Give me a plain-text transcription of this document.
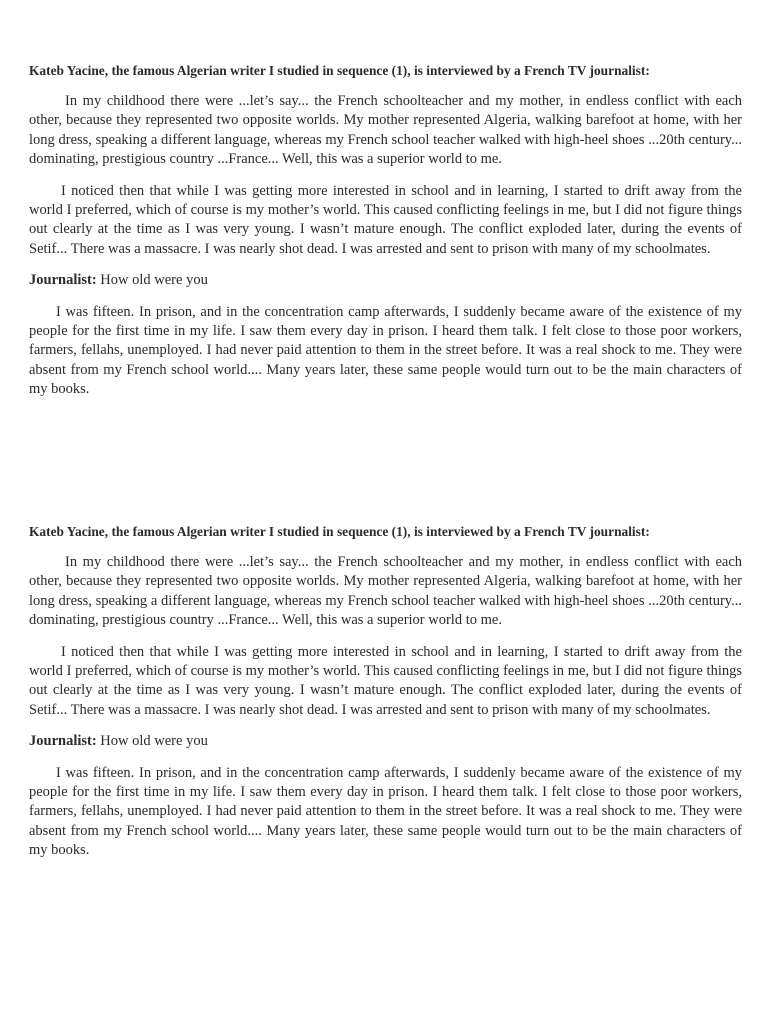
Kateb Yacine, the famous Algerian writer I studied in sequence (1), is interviewed by a French TV journalist:

In my childhood there were ...let’s say... the French schoolteacher and my mother, in endless conflict with each other, because they represented two opposite worlds. My mother represented Algeria, walking barefoot at home, with her long dress, speaking a different language, whereas my French school teacher walked with high-heel shoes ...20th century... dominating, prestigious country ...France... Well, this was a superior world to me.

I noticed then that while I was getting more interested in school and in learning, I started to drift away from the world I preferred, which of course is my mother’s world. This caused conflicting feelings in me, but I did not figure things out clearly at the time as I was very young. I wasn’t mature enough. The conflict exploded later, during the events of Setif... There was a massacre. I was nearly shot dead. I was arrested and sent to prison with many of my schoolmates.

Journalist: How old were you

I was fifteen. In prison, and in the concentration camp afterwards, I suddenly became aware of the existence of my people for the first time in my life. I saw them every day in prison. I heard them talk. I felt close to those poor workers, farmers, fellahs, unemployed. I had never paid attention to them in the street before. It was a real shock to me. They were absent from my French school world.... Many years later, these same people would turn out to be the main characters of my books.

Kateb Yacine, the famous Algerian writer I studied in sequence (1), is interviewed by a French TV journalist:

In my childhood there were ...let’s say... the French schoolteacher and my mother, in endless conflict with each other, because they represented two opposite worlds. My mother represented Algeria, walking barefoot at home, with her long dress, speaking a different language, whereas my French school teacher walked with high-heel shoes ...20th century... dominating, prestigious country ...France... Well, this was a superior world to me.

I noticed then that while I was getting more interested in school and in learning, I started to drift away from the world I preferred, which of course is my mother’s world. This caused conflicting feelings in me, but I did not figure things out clearly at the time as I was very young. I wasn’t mature enough. The conflict exploded later, during the events of Setif... There was a massacre. I was nearly shot dead. I was arrested and sent to prison with many of my schoolmates.

Journalist: How old were you

I was fifteen. In prison, and in the concentration camp afterwards, I suddenly became aware of the existence of my people for the first time in my life. I saw them every day in prison. I heard them talk. I felt close to those poor workers, farmers, fellahs, unemployed. I had never paid attention to them in the street before. It was a real shock to me. They were absent from my French school world.... Many years later, these same people would turn out to be the main characters of my books.
